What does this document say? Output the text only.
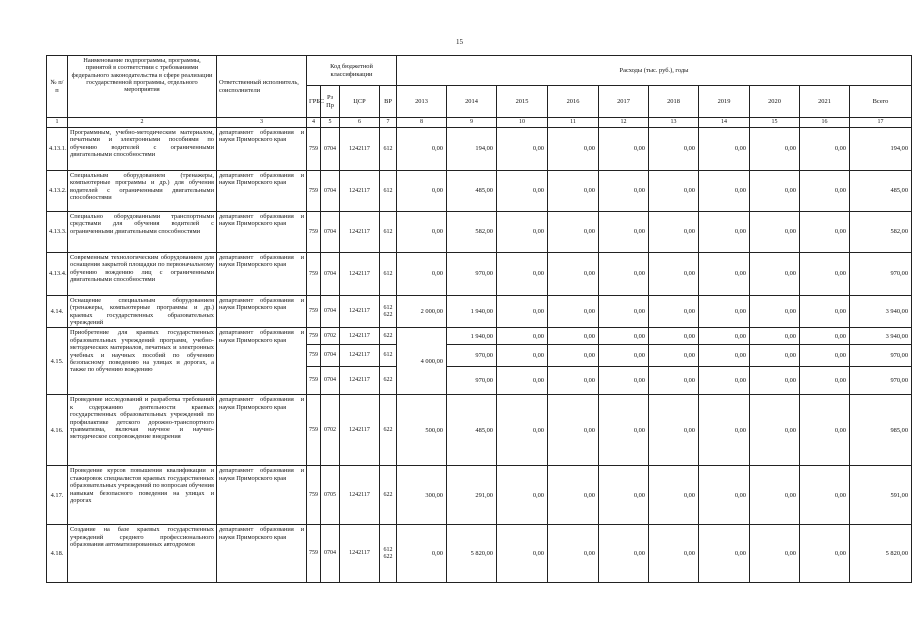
15
№ п/п	Наименование подпрограммы, программы, принятой в соответствии с требованиями федерального законодательства в сфере реализации государственной программы, отдельного мероприятия	Ответственный исполнитель, соисполнители	Код бюджетной классификации				Расходы (тыс. руб.), годы									
			ГРБС	Рз Пр	ЦСР	ВР	2013	2014	2015	2016	2017	2018	2019	2020	2021	Всего
1	2	3	4	5	6	7	8	9	10	11	12	13	14	15	16	17
4.13.1.	Программным, учебно-методическим материалом, печатными и электронными пособиями по обучению водителей с ограниченными двигательными способностями	департамент образования и науки Приморского края	759	0704	1242117	612	0,00	194,00	0,00	0,00	0,00	0,00	0,00	0,00	0,00	194,00
4.13.2.	Специальным оборудованием (тренажеры, компьютерные программы и др.) для обучения водителей с ограниченными двигательными способностями	департамент образования и науки Приморского края	759	0704	1242117	612	0,00	485,00	0,00	0,00	0,00	0,00	0,00	0,00	0,00	485,00
4.13.3.	Специально оборудованными транспортными средствами для обучения водителей с ограниченными двигательными способностями	департамент образования и науки Приморского края	759	0704	1242117	612	0,00	582,00	0,00	0,00	0,00	0,00	0,00	0,00	0,00	582,00
4.13.4.	Современным технологическим оборудованием для оснащения закрытой площадки по первоначальному обучению вождению лиц с ограниченными двигательными способностями	департамент образования и науки Приморского края	759	0704	1242117	612	0,00	970,00	0,00	0,00	0,00	0,00	0,00	0,00	0,00	970,00
4.14.	Оснащение специальным оборудованием (тренажеры, компьютерные программы и др.) краевых государственных образовательных учреждений	департамент образования и науки Приморского края	759	0704	1242117	612 622	2 000,00	1 940,00	0,00	0,00	0,00	0,00	0,00	0,00	0,00	3 940,00
4.15.	Приобретение для краевых государственных образовательных учреждений программ, учебно-методических материалов, печатных и электронных учебных и научных пособий по обучению безопасному поведению на улицах и дорогах, а также по обучению вождению	департамент образования и науки Приморского края	759	0702	1242117	622	4 000,00	1 940,00	0,00	0,00	0,00	0,00	0,00	0,00	0,00	3 940,00
			759	0704	1242117	612		970,00	0,00	0,00	0,00	0,00	0,00	0,00	0,00	970,00
			759	0704	1242117	622		970,00	0,00	0,00	0,00	0,00	0,00	0,00	0,00	970,00
4.16.	Проведение исследований и разработка требований к содержанию деятельности краевых государственных образовательных учреждений по профилактике детского дорожно-транспортного травматизма, включая научное и научно-методическое сопровождение внедрения	департамент образования и науки Приморского края	759	0702	1242117	622	500,00	485,00	0,00	0,00	0,00	0,00	0,00	0,00	0,00	985,00
4.17.	Проведение курсов повышения квалификации и стажировок специалистов краевых государственных образовательных учреждений по вопросам обучения навыкам безопасного поведения на улицах и дорогах	департамент образования и науки Приморского края	759	0705	1242117	622	300,00	291,00	0,00	0,00	0,00	0,00	0,00	0,00	0,00	591,00
4.18.	Создание на базе краевых государственных учреждений среднего профессионального образования автоматизированных автодромов	департамент образования и науки Приморского края	759	0704	1242117	612 622	0,00	5 820,00	0,00	0,00	0,00	0,00	0,00	0,00	0,00	5 820,00
